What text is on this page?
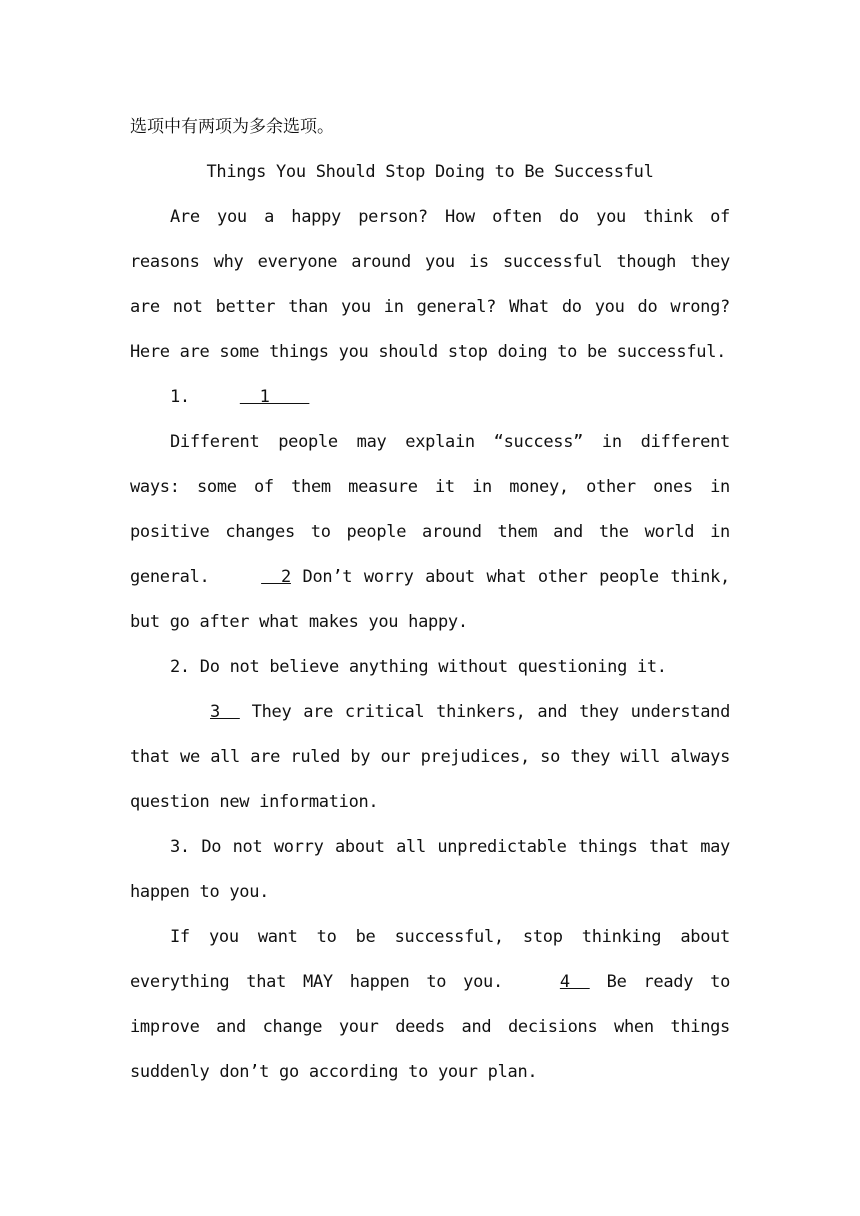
选项中有两项为多余选项。

Things You Should Stop Doing to Be Successful

Are you a happy person? How often do you think of reasons why everyone around you is successful though they are not better than you in general? What do you do wrong? Here are some things you should stop doing to be successful.

1.	1

Different people may explain “success” in different ways: some of them measure it in money, other ones in positive changes to people around them and the world in general.   2 Don’t worry about what other people think, but go after what makes you happy.

2. Do not believe anything without questioning it.

3   They are critical thinkers, and they understand that we all are ruled by our prejudices, so they will always question new information.

3. Do not worry about all unpredictable things that may happen to you.

If you want to be successful, stop thinking about everything that MAY happen to you. 4   Be ready to improve and change your deeds and decisions when things suddenly don’t go according to your plan.
